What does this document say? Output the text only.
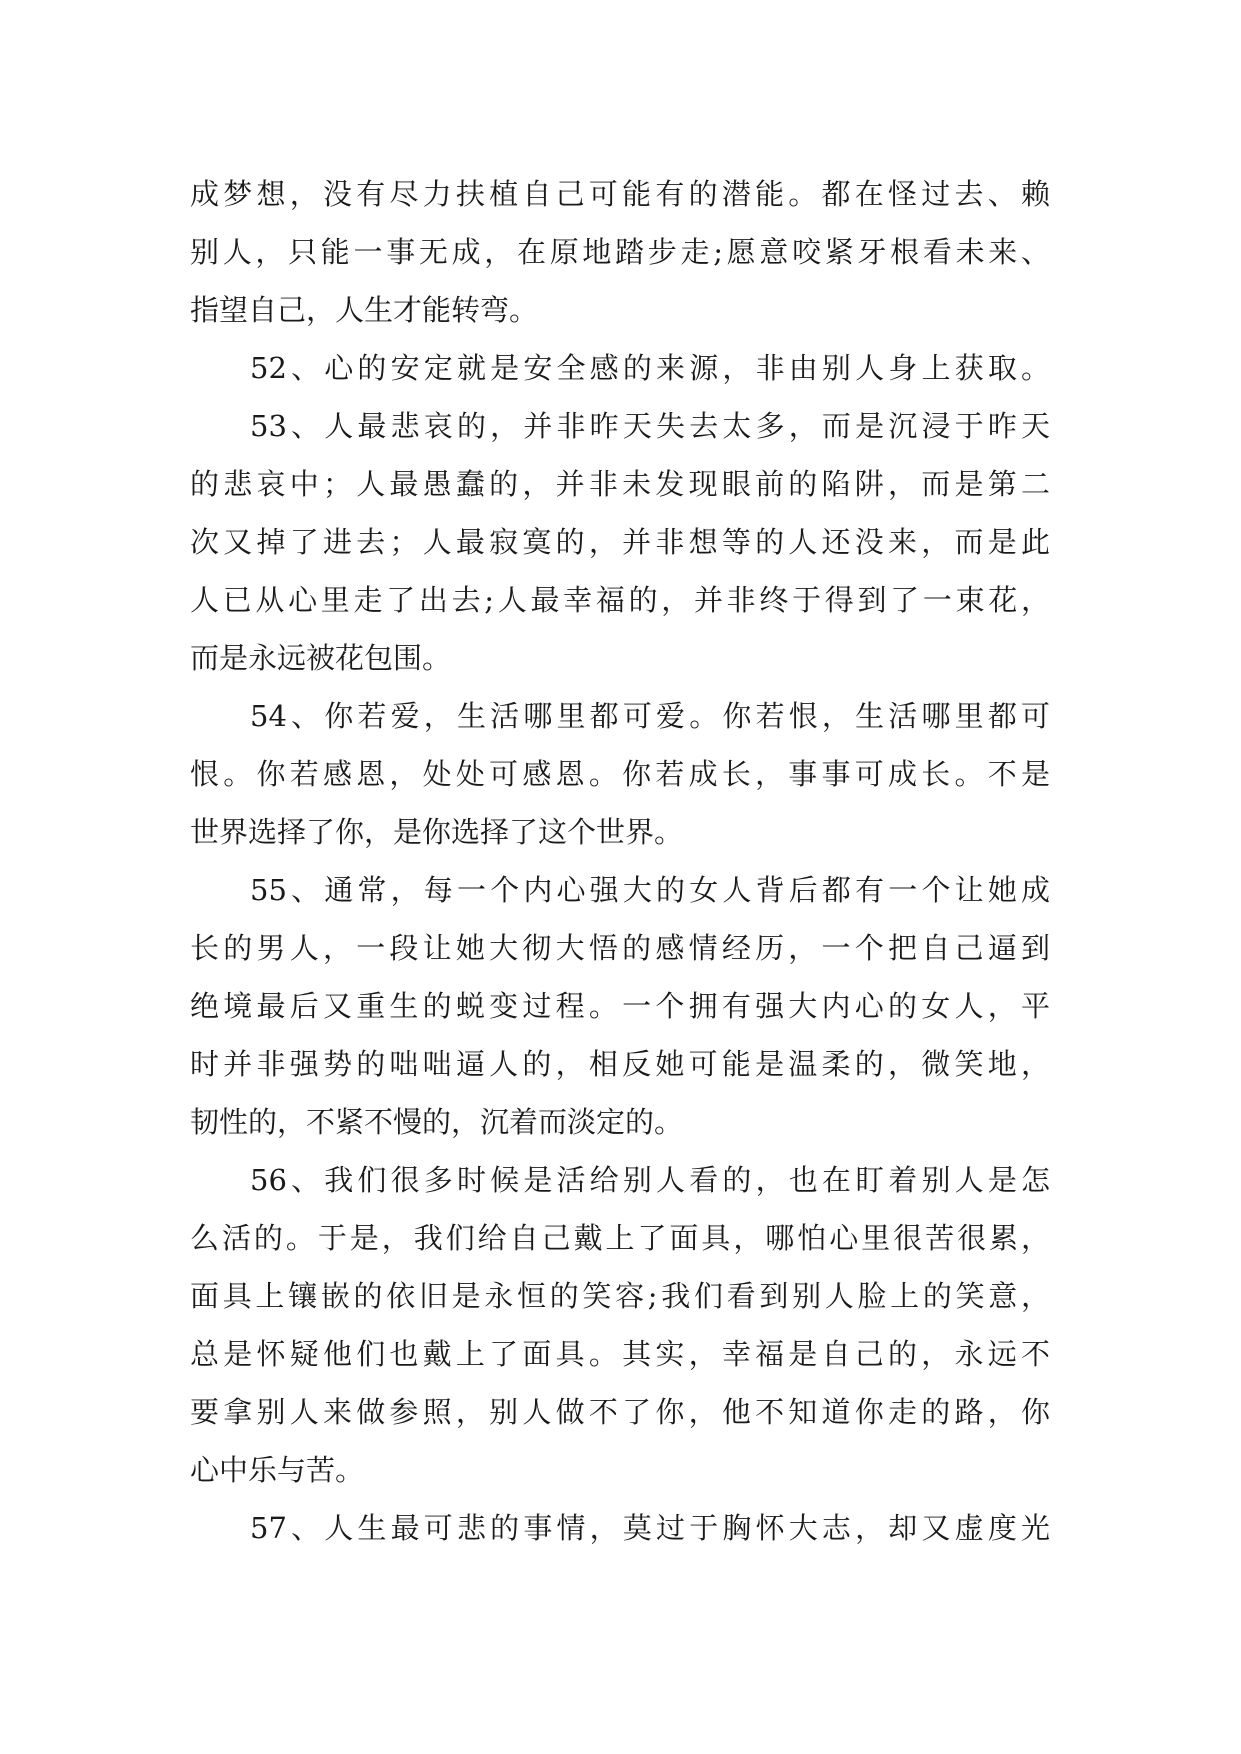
成梦想，没有尽力扶植自己可能有的潜能。都在怪过去、赖
别人，只能一事无成，在原地踏步走;愿意咬紧牙根看未来、
指望自己，人生才能转弯。
52、心的安定就是安全感的来源，非由别人身上获取。
53、人最悲哀的，并非昨天失去太多，而是沉浸于昨天
的悲哀中；人最愚蠢的，并非未发现眼前的陷阱，而是第二
次又掉了进去；人最寂寞的，并非想等的人还没来，而是此
人已从心里走了出去;人最幸福的，并非终于得到了一束花，
而是永远被花包围。
54、你若爱，生活哪里都可爱。你若恨，生活哪里都可
恨。你若感恩，处处可感恩。你若成长，事事可成长。不是
世界选择了你，是你选择了这个世界。
55、通常，每一个内心强大的女人背后都有一个让她成
长的男人，一段让她大彻大悟的感情经历，一个把自己逼到
绝境最后又重生的蜕变过程。一个拥有强大内心的女人，平
时并非强势的咄咄逼人的，相反她可能是温柔的，微笑地，
韧性的，不紧不慢的，沉着而淡定的。
56、我们很多时候是活给别人看的，也在盯着别人是怎
么活的。于是，我们给自己戴上了面具，哪怕心里很苦很累，
面具上镶嵌的依旧是永恒的笑容;我们看到别人脸上的笑意，
总是怀疑他们也戴上了面具。其实，幸福是自己的，永远不
要拿别人来做参照，别人做不了你，他不知道你走的路，你
心中乐与苦。
57、人生最可悲的事情，莫过于胸怀大志，却又虚度光
